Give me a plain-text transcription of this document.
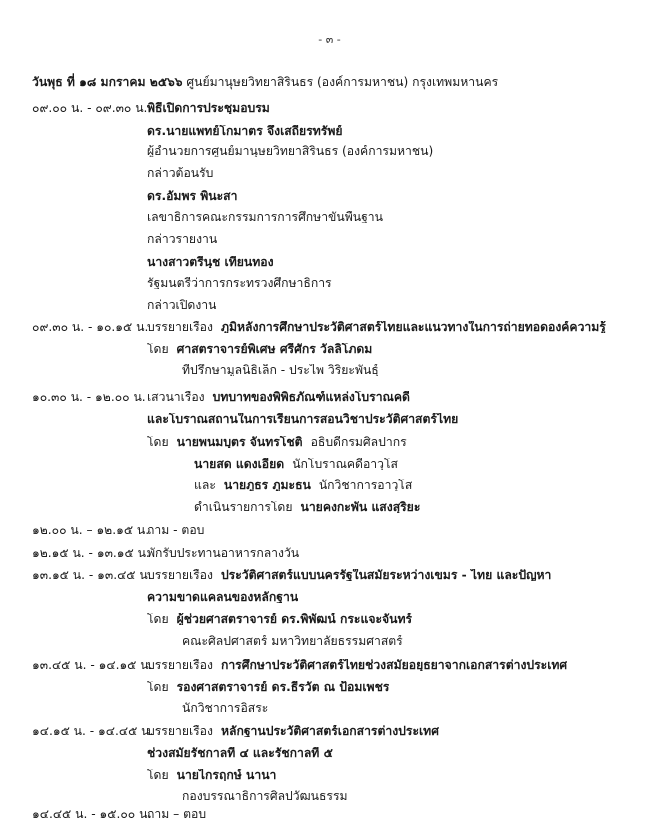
- ๓ -
วันพุธ ที่ ๑๘ มกราคม ๒๕๖๖ ศูนย์มานุษยวิทยาสิรินธร (องค์การมหาชน) กรุงเทพมหานคร
๐๙.๐๐ น. - ๐๙.๓๐ น. พิธีเปิดการประชุมอบรม
ดร.นายแพทย์โกมาตร จึงเสถียรทรัพย์
ผู้อำนวยการศูนย์มานุษยวิทยาสิรินธร (องค์การมหาชน)
กล่าวต้อนรับ
ดร.อัมพร พินะสา
เลขาธิการคณะกรรมการการศึกษาขั้นพื้นฐาน
กล่าวรายงาน
นางสาวตรีนุช เทียนทอง
รัฐมนตรีว่าการกระทรวงศึกษาธิการ
กล่าวเปิดงาน
๐๙.๓๐ น. - ๑๐.๑๕ น.
บรรยายเรื่อง ภูมิหลังการศึกษาประวัติศาสตร์ไทยและแนวทางในการถ่ายทอดองค์ความรู้
โดย ศาสตราจารย์พิเศษ ศรีศักร วัลลิโภดม
ที่ปรึกษามูลนิธิเล็ก - ประไพ วิริยะพันธุ์
๑๐.๓๐ น. - ๑๒.๐๐ น. เสวนาเรื่อง บทบาทของพิพิธภัณฑ์แหล่งโบราณคดี
และโบราณสถานในการเรียนการสอนวิชาประวัติศาสตร์ไทย
โดย นายพนมบุตร จันทรโชติ อธิบดีกรมศิลปากร
นายสด แดงเอียด นักโบราณคดีอาวุโส
และ นายภูธร ภูมะธน นักวิชาการอาวุโส
ดำเนินรายการโดย นายคงกะพัน แสงสุริยะ
๑๒.๐๐ น. – ๑๒.๑๕ น.
ถาม - ตอบ
๑๒.๑๕ น. - ๑๓.๑๕ น.
พักรับประทานอาหารกลางวัน
๑๓.๑๕ น. - ๑๓.๔๕ น.
บรรยายเรื่อง ประวัติศาสตร์แบบนครรัฐในสมัยระหว่างเขมร - ไทย และปัญหา
ความขาดแคลนของหลักฐาน
โดย ผู้ช่วยศาสตราจารย์ ดร.พิพัฒน์ กระแจะจันทร์
คณะศิลปศาสตร์ มหาวิทยาลัยธรรมศาสตร์
๑๓.๔๕ น. - ๑๔.๑๕ น.
บรรยายเรื่อง การศึกษาประวัติศาสตร์ไทยช่วงสมัยอยุธยาจากเอกสารต่างประเทศ
โดย รองศาสตราจารย์ ดร.ธีรวัต ณ ป้อมเพชร
นักวิชาการอิสระ
๑๔.๑๕ น. - ๑๔.๔๕ น.
บรรยายเรื่อง หลักฐานประวัติศาสตร์เอกสารต่างประเทศ
ช่วงสมัยรัชกาลที่ ๔ และรัชกาลที่ ๕
โดย นายไกรฤกษ์ นานา
กองบรรณาธิการศิลปวัฒนธรรม
๑๔.๔๕ น. - ๑๕.๐๐ น.
ถาม – ตอบ
